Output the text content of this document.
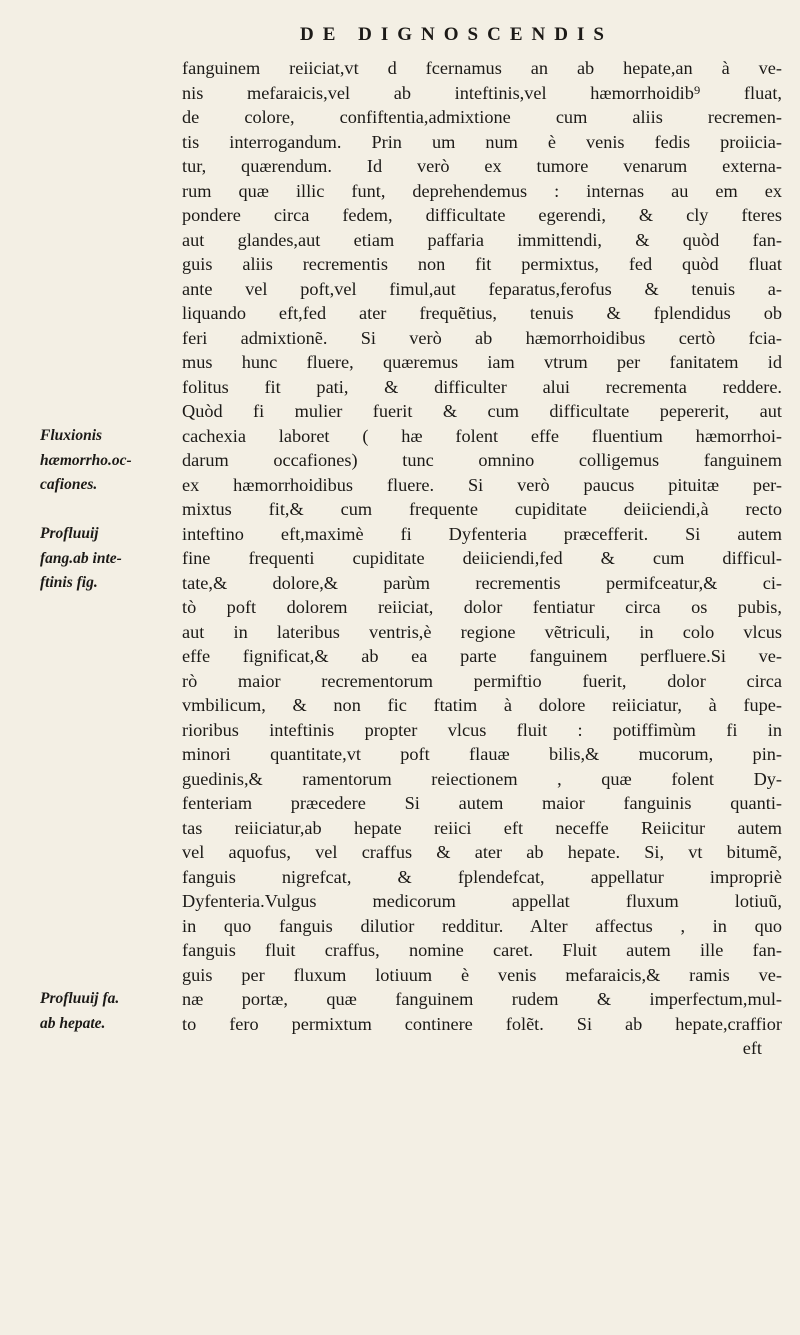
DE DIGNOSCENDIS
Fluxionis
hæmorrho.oc-
cafiones.
Profluuij
fang.ab inte-
ftinis fig.
Profluuij fa.
ab hepate.
fanguinem reiiciat,vt d fcernamus an ab hepate,an à ve-
nis mefaraicis,vel ab inteftinis,vel hæmorrhoidib⁹ fluat,
de colore, confiftentia,admixtione cum aliis recremen-
tis interrogandum. Prin um num è venis fedis proiicia-
tur, quærendum. Id verò ex tumore venarum externa-
rum quæ illic funt, deprehendemus : internas au em ex
pondere circa fedem, difficultate egerendi, & cly fteres
aut glandes,aut etiam paffaria immittendi, & quòd fan-
guis aliis recrementis non fit permixtus, fed quòd fluat
ante vel poft,vel fimul,aut feparatus,ferofus & tenuis a-
liquando eft,fed ater frequẽtius, tenuis & fplendidus ob
feri admixtionẽ. Si verò ab hæmorrhoidibus certò fcia-
mus hunc fluere, quæremus iam vtrum per fanitatem id
folitus fit pati, & difficulter alui recrementa reddere.
Quòd fi mulier fuerit & cum difficultate pepererit, aut
cachexia laboret ( hæ folent effe fluentium hæmorrhoi-
darum occafiones) tunc omnino colligemus fanguinem
ex hæmorrhoidibus fluere. Si verò paucus pituitæ per-
mixtus fit,& cum frequente cupiditate deiiciendi,à recto
inteftino eft,maximè fi Dyfenteria præcefferit. Si autem
fine frequenti cupiditate deiiciendi,fed & cum difficul-
tate,& dolore,& parùm recrementis permifceatur,& ci-
tò poft dolorem reiiciat, dolor fentiatur circa os pubis,
aut in lateribus ventris,è regione vẽtriculi, in colo vlcus
effe fignificat,& ab ea parte fanguinem perfluere.Si ve-
rò maior recrementorum permiftio fuerit, dolor circa
vmbilicum, & non fic ftatim à dolore reiiciatur, à fupe-
rioribus inteftinis propter vlcus fluit : potiffimùm fi in
minori quantitate,vt poft flauæ bilis,& mucorum, pin-
guedinis,& ramentorum reiectionem , quæ folent Dy-
fenteriam præcedere Si autem maior fanguinis quanti-
tas reiiciatur,ab hepate reiici eft neceffe Reiicitur autem
vel aquofus, vel craffus & ater ab hepate. Si, vt bitumẽ,
fanguis nigrefcat, & fplendefcat, appellatur impropriè
Dyfenteria.Vulgus medicorum appellat fluxum lotiuũ,
in quo fanguis dilutior redditur. Alter affectus , in quo
fanguis fluit craffus, nomine caret. Fluit autem ille fan-
guis per fluxum lotiuum è venis mefaraicis,& ramis ve-
næ portæ, quæ fanguinem rudem & imperfectum,mul-
to fero permixtum continere folẽt. Si ab hepate,craffior
eft
